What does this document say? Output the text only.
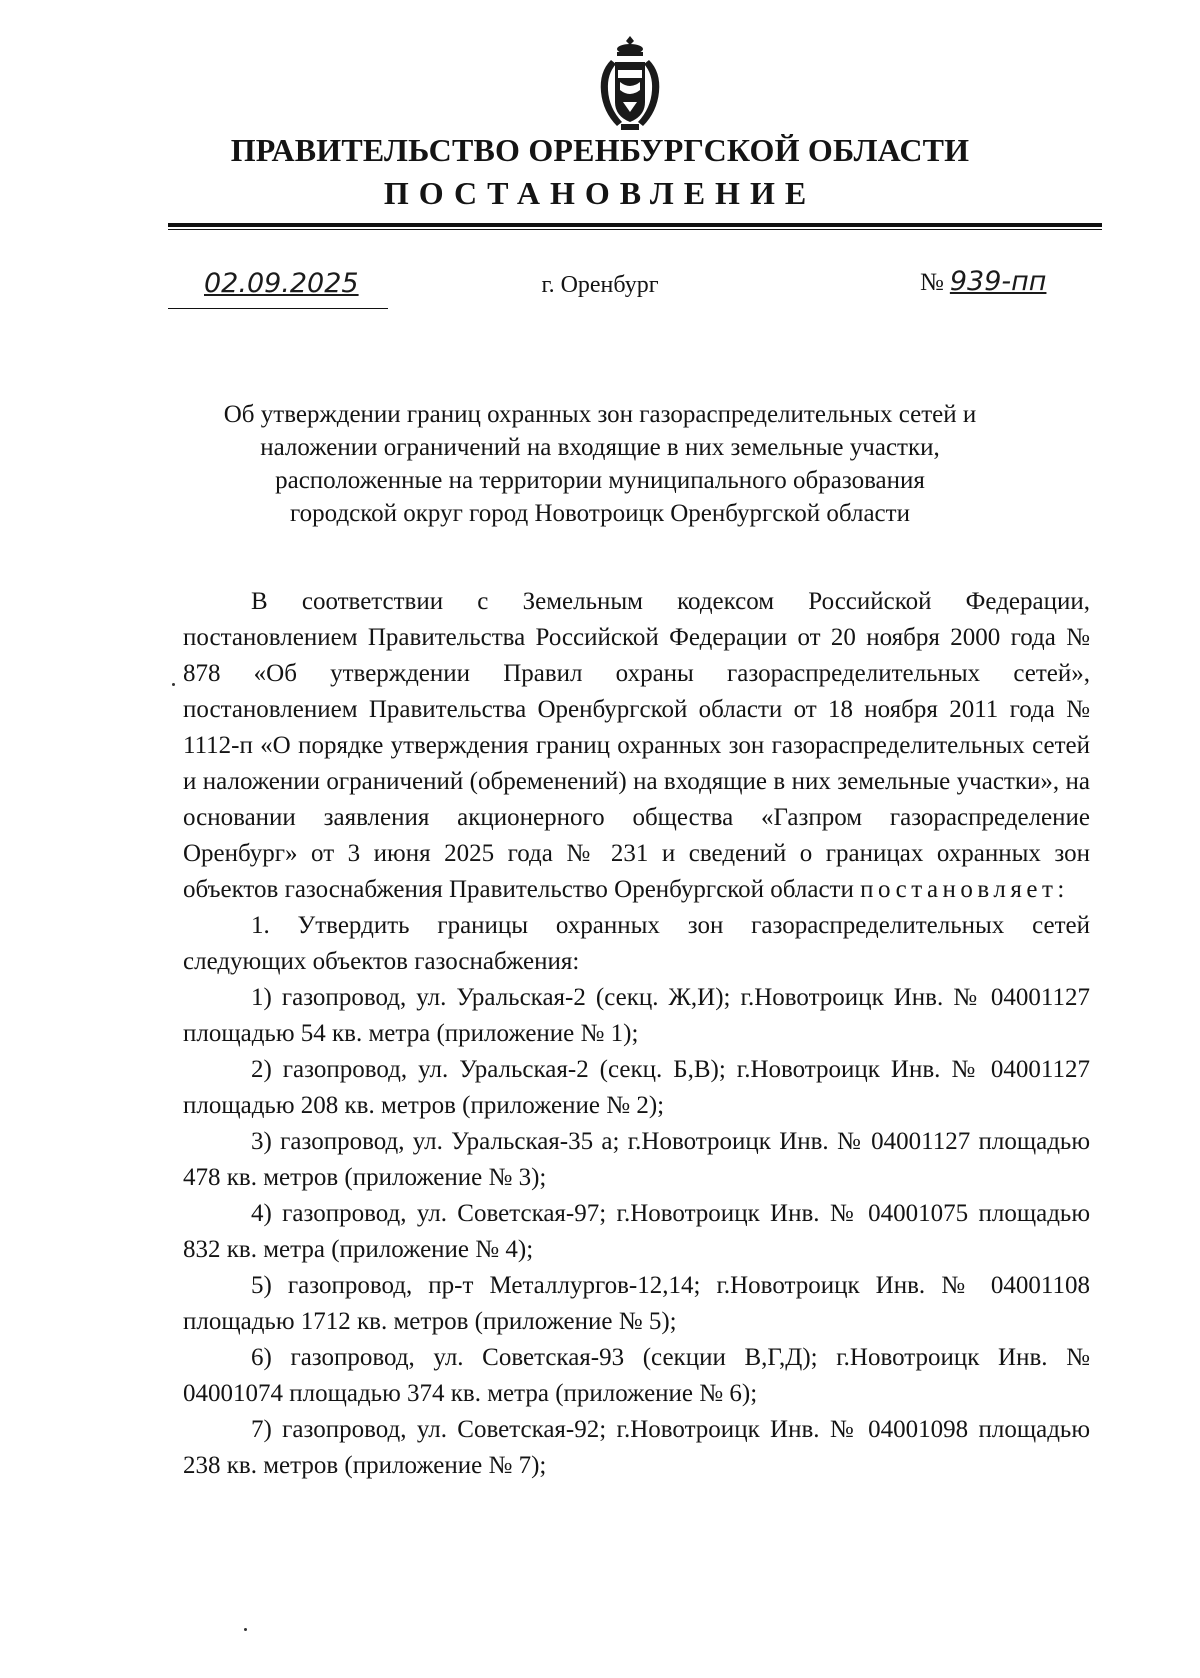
ПРАВИТЕЛЬСТВО ОРЕНБУРГСКОЙ ОБЛАСТИ
ПОСТАНОВЛЕНИЕ
02.09.2025	г. Оренбург	№ 939-пп
Об утверждении границ охранных зон газораспределительных сетей и
наложении ограничений на входящие в них земельные участки,
расположенные на территории муниципального образования
городской округ город Новотроицк Оренбургской области

В соответствии с Земельным кодексом Российской Федерации, постановлением Правительства Российской Федерации от 20 ноября 2000 года № 878 «Об утверждении Правил охраны газораспределительных сетей», постановлением Правительства Оренбургской области от 18 ноября 2011 года № 1112-п «О порядке утверждения границ охранных зон газораспределительных сетей и наложении ограничений (обременений) на входящие в них земельные участки», на основании заявления акционерного общества «Газпром газораспределение Оренбург» от 3 июня 2025 года № 231 и сведений о границах охранных зон объектов газоснабжения Правительство Оренбургской области постановляет:

1. Утвердить границы охранных зон газораспределительных сетей следующих объектов газоснабжения:

1) газопровод, ул. Уральская-2 (секц. Ж,И); г.Новотроицк Инв. № 04001127 площадью 54 кв. метра (приложение № 1);

2) газопровод, ул. Уральская-2 (секц. Б,В); г.Новотроицк Инв. № 04001127 площадью 208 кв. метров (приложение № 2);

3) газопровод, ул. Уральская-35 а; г.Новотроицк Инв. № 04001127 площадью 478 кв. метров (приложение № 3);

4) газопровод, ул. Советская-97; г.Новотроицк Инв. № 04001075 площадью 832 кв. метра (приложение № 4);

5) газопровод, пр-т Металлургов-12,14; г.Новотроицк Инв. № 04001108 площадью 1712 кв. метров (приложение № 5);

6) газопровод, ул. Советская-93 (секции В,Г,Д); г.Новотроицк Инв. № 04001074 площадью 374 кв. метра (приложение № 6);

7) газопровод, ул. Советская-92; г.Новотроицк Инв. № 04001098 площадью 238 кв. метров (приложение № 7);
